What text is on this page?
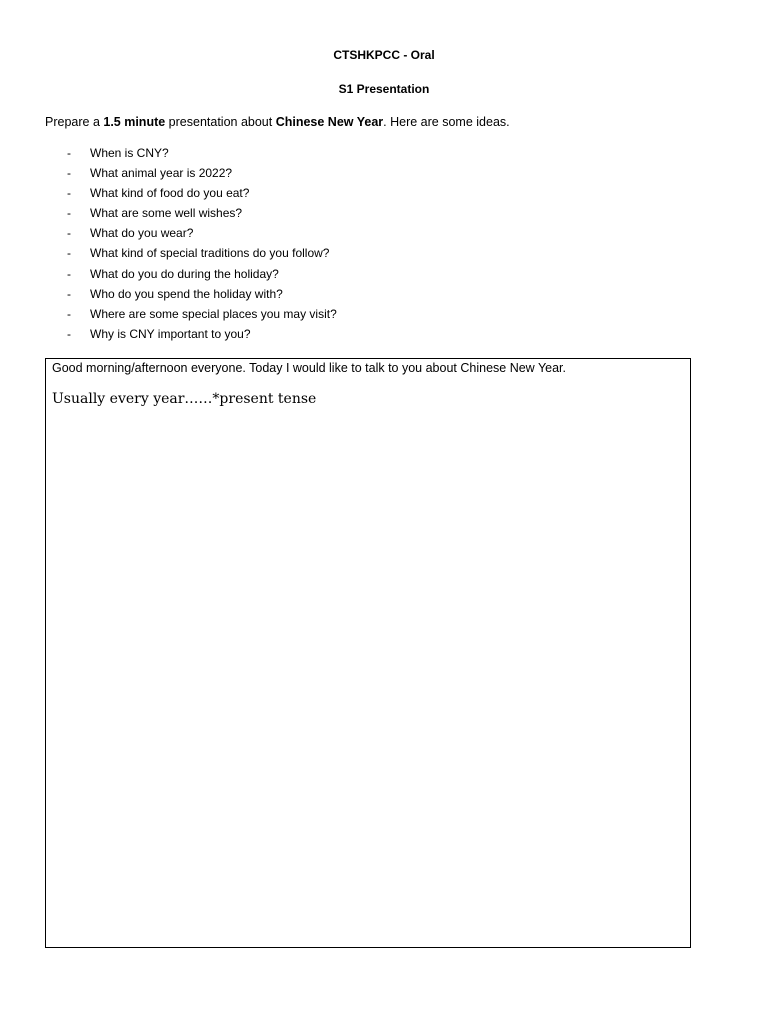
CTSHKPCC - Oral
S1 Presentation
Prepare a 1.5 minute presentation about Chinese New Year. Here are some ideas.
- When is CNY?
- What animal year is 2022?
- What kind of food do you eat?
- What are some well wishes?
- What do you wear?
- What kind of special traditions do you follow?
- What do you do during the holiday?
- Who do you spend the holiday with?
- Where are some special places you may visit?
- Why is CNY important to you?
Good morning/afternoon everyone. Today I would like to talk to you about Chinese New Year.
Usually every year……*present tense
